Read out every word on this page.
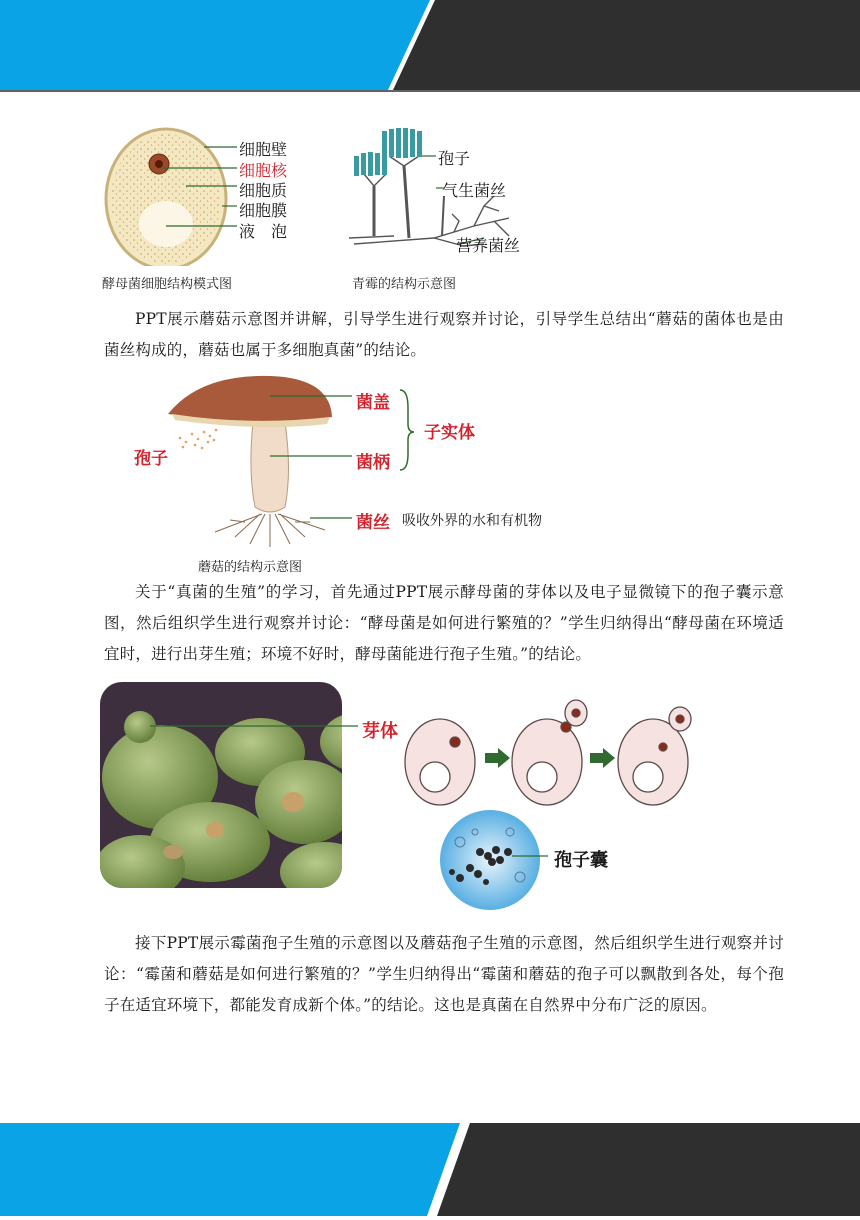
细胞壁
细胞核
细胞质
细胞膜
液　泡
酵母菌细胞结构模式图
孢子
气生菌丝
营养菌丝
青霉的结构示意图
PPT展示蘑菇示意图并讲解，引导学生进行观察并讨论，引导学生总结出“蘑菇的菌体也是由菌丝构成的，蘑菇也属于多细胞真菌”的结论。
菌盖
菌柄
子实体
孢子
菌丝 吸收外界的水和有机物
蘑菇的结构示意图
关于“真菌的生殖”的学习，首先通过PPT展示酵母菌的芽体以及电子显微镜下的孢子囊示意图，然后组织学生进行观察并讨论：“酵母菌是如何进行繁殖的？”学生归纳得出“酵母菌在环境适宜时，进行出芽生殖；环境不好时，酵母菌能进行孢子生殖。”的结论。
芽体
孢子囊
接下PPT展示霉菌孢子生殖的示意图以及蘑菇孢子生殖的示意图，然后组织学生进行观察并讨论：“霉菌和蘑菇是如何进行繁殖的？”学生归纳得出“霉菌和蘑菇的孢子可以飘散到各处，每个孢子在适宜环境下，都能发育成新个体。”的结论。这也是真菌在自然界中分布广泛的原因。
